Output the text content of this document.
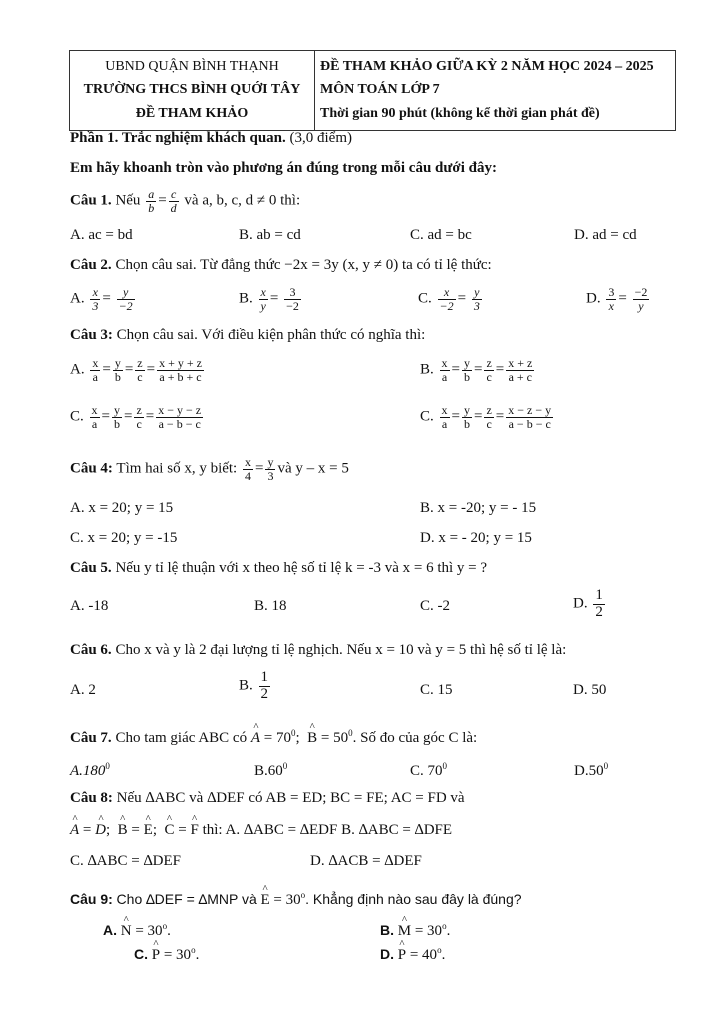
UBND QUẬN BÌNH THẠNH
TRƯỜNG THCS BÌNH QUỚI TÂY
ĐỀ THAM KHẢO
ĐỀ THAM KHẢO GIỮA KỲ 2 NĂM HỌC 2024 – 2025
MÔN TOÁN LỚP 7
Thời gian 90 phút (không kể thời gian phát đề)
Phần 1. Trắc nghiệm khách quan. (3,0 điểm)
Em hãy khoanh tròn vào phương án đúng trong mỗi câu dưới đây:
Câu 1. Nếu $\frac{a}{b} = \frac{c}{d}$ và a, b, c, d ≠ 0 thì:
A. ac = bd	B. ab = cd	C. ad = bc	D. ad = cd
Câu 2. Chọn câu sai. Từ đẳng thức −2x = 3y (x, y ≠ 0) ta có tỉ lệ thức:
A. $\frac{x}{3} = \frac{y}{-2}$	B. $\frac{x}{y} = \frac{3}{-2}$	C. $\frac{x}{-2} = \frac{y}{3}$	D. $\frac{3}{x} = \frac{-2}{y}$
Câu 3: Chọn câu sai. Với điều kiện phân thức có nghĩa thì:
A. $\frac{x}{a} = \frac{y}{b} = \frac{z}{c} = \frac{x + y + z}{a + b + c}$	B. $\frac{x}{a} = \frac{y}{b} = \frac{z}{c} = \frac{x + z}{a + c}$
C. $\frac{x}{a} = \frac{y}{b} = \frac{z}{c} = \frac{x - y - z}{a - b - c}$	C. $\frac{x}{a} = \frac{y}{b} = \frac{z}{c} = \frac{x - z - y}{a - b - c}$
Câu 4: Tìm hai số x, y biết: $\frac{x}{4} = \frac{y}{3}$ và y – x = 5
A. x = 20; y = 15	B. x = -20; y = - 15
C. x = 20; y = -15	D. x = - 20; y = 15
Câu 5. Nếu y tỉ lệ thuận với x theo hệ số tỉ lệ k = -3 và x = 6 thì y = ?
A. -18	B. 18	C. -2	D. $\frac{1}{2}$
Câu 6. Cho x và y là 2 đại lượng tỉ lệ nghịch. Nếu x = 10 và y = 5 thì hệ số tỉ lệ là:
A. 2	B. $\frac{1}{2}$	C. 15	D. 50
Câu 7. Cho tam giác ABC có ^ $A = 70^0$;  ^ $B = 50^0$. Số đo của góc C là:
A.180$^0$	$B.60^0$	C. $70^0$	$D.50^0$
Câu 8: Nếu ∆ABC và ∆DEF có AB = ED; BC = FE; AC = FD và
^ A = ^ D;  ^ B = ^ E;  ^ C = ^ F thì: A. ∆ABC = ∆EDF B. ∆ABC = ∆DFE
C. ∆ABC = ∆DEF	D. ∆ACB = ∆DEF
Câu 9: Cho ∆DEF = ∆MNP và ^ $E = 30^o$. Khẳng định nào sau đây là đúng?
A. ^ $N = 30^o$.	B. ^ $M = 30^o$.
C. ^ $P = 30^o$.	D. ^ $P = 40^o$.
